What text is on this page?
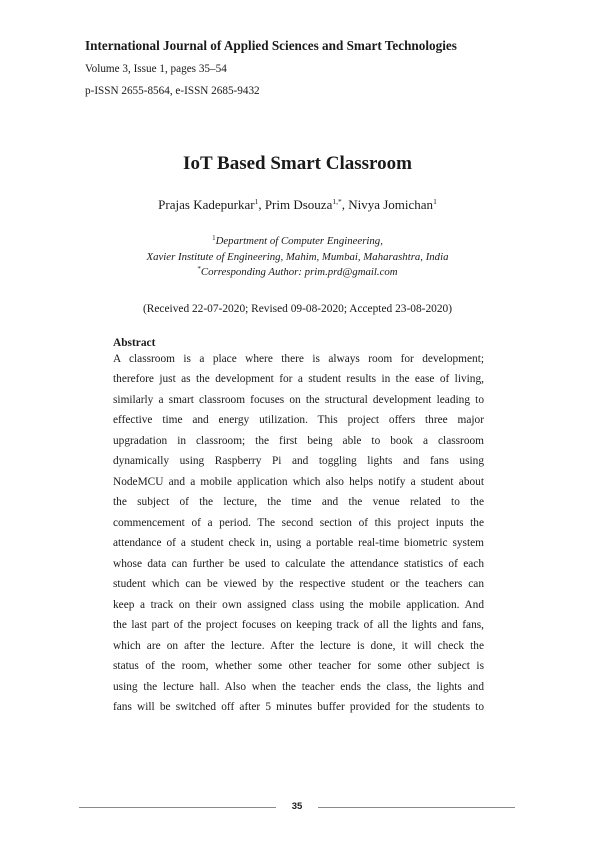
International Journal of Applied Sciences and Smart Technologies

Volume 3, Issue 1, pages 35–54
p-ISSN 2655-8564, e-ISSN 2685-9432
IoT Based Smart Classroom
Prajas Kadepurkar$^1$, Prim Dsouza$^{1,*}$, Nivya Jomichan$^1$
$^1$Department of Computer Engineering,
Xavier Institute of Engineering, Mahim, Mumbai, Maharashtra, India
*Corresponding Author: prim.prd@gmail.com
(Received 22-07-2020; Revised 09-08-2020; Accepted 23-08-2020)
Abstract
A classroom is a place where there is always room for development;
therefore just as the development for a student results in the ease of living,
similarly a smart classroom focuses on the structural development leading to
effective time and energy utilization. This project offers three major
upgradation in classroom; the first being able to book a classroom
dynamically using Raspberry Pi and toggling lights and fans using
NodeMCU and a mobile application which also helps notify a student about
the subject of the lecture, the time and the venue related to the
commencement of a period. The second section of this project inputs the
attendance of a student check in, using a portable real-time biometric system
whose data can further be used to calculate the attendance statistics of each
student which can be viewed by the respective student or the teachers can
keep a track on their own assigned class using the mobile application. And
the last part of the project focuses on keeping track of all the lights and fans,
which are on after the lecture. After the lecture is done, it will check the
status of the room, whether some other teacher for some other subject is
using the lecture hall. Also when the teacher ends the class, the lights and
fans will be switched off after 5 minutes buffer provided for the students to
35
